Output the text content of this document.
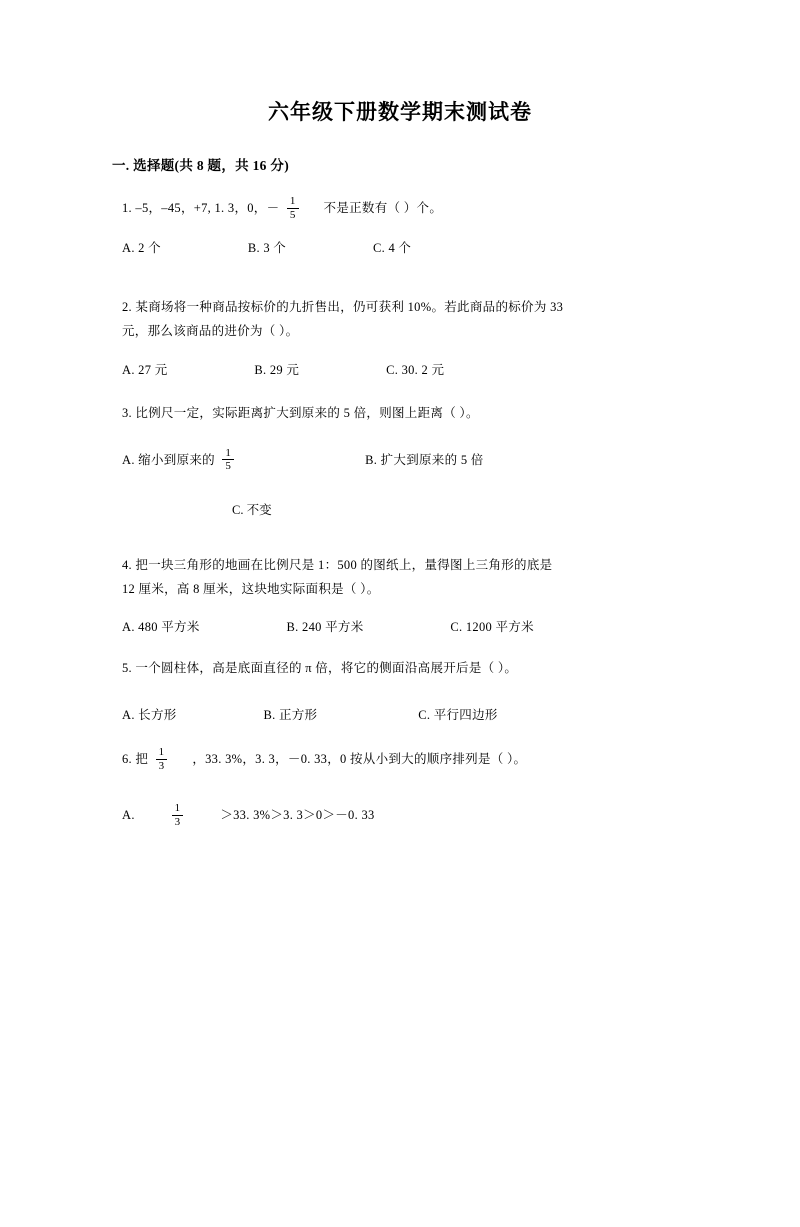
六年级下册数学期末测试卷
一. 选择题(共 8 题，共 16 分)
1. –5，–45，+7, 1. 3，0，－ $\frac{1}{5}$ 不是正数有（ ）个。
A. 2 个	B. 3 个	C. 4 个
2. 某商场将一种商品按标价的九折售出，仍可获利 10%。若此商品的标价为 33
元，那么该商品的进价为（ ）。
A. 27 元	B. 29 元	C. 30. 2 元
3. 比例尺一定，实际距离扩大到原来的 5 倍，则图上距离（ ）。
A. 缩小到原来的 $\frac{1}{5}$	B. 扩大到原来的 5 倍
C. 不变
4. 把一块三角形的地画在比例尺是 1：500 的图纸上，量得图上三角形的底是
12 厘米，高 8 厘米，这块地实际面积是（ ）。
A. 480 平方米	B. 240 平方米	C. 1200 平方米
5. 一个圆柱体，高是底面直径的 π 倍，将它的侧面沿高展开后是（ ）。
A. 长方形	B. 正方形	C. 平行四边形
6. 把 $\frac{1}{3}$ ，33. 3%，3. 3，－0. 33，0 按从小到大的顺序排列是（ ）。
A.	$\frac{1}{3}$	＞33. 3%＞3. 3＞0＞－0. 33
